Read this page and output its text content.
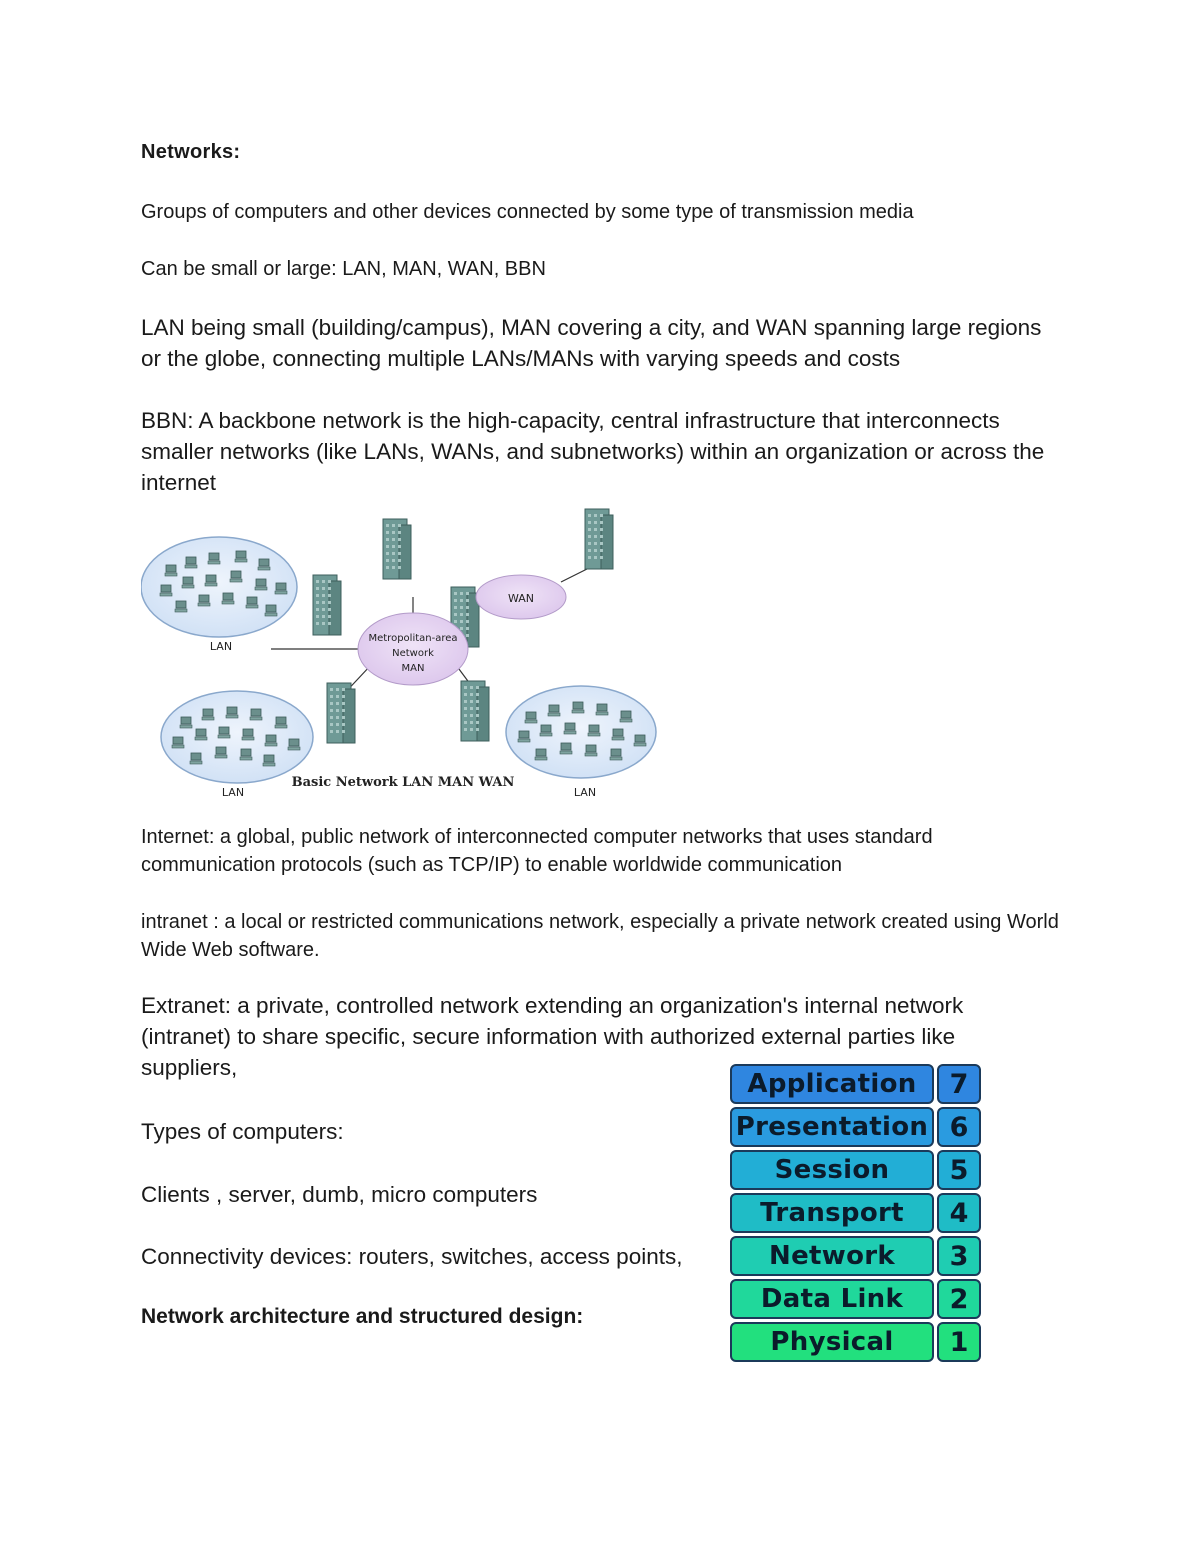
Networks:

Groups of computers and other devices connected by some type of transmission media

Can be small or large: LAN, MAN, WAN, BBN

LAN being small (building/campus), MAN covering a city, and WAN spanning large regions or the globe, connecting multiple LANs/MANs with varying speeds and costs

BBN: A backbone network is the high-capacity, central infrastructure that interconnects smaller networks (like LANs, WANs, and subnetworks) within an organization or across the internet

LAN
WAN
Metropolitan-area
Network
MAN
LAN	LAN
Basic Network LAN MAN WAN

Internet: a global, public network of interconnected computer networks that uses standard communication protocols (such as TCP/IP) to enable worldwide communication

intranet : a local or restricted communications network, especially a private network created using World Wide Web software.

Extranet: a private, controlled network extending an organization's internal network (intranet) to share specific, secure information with authorized external parties like suppliers,

Types of computers:

Clients , server, dumb, micro computers

Connectivity devices: routers, switches, access points,

Network architecture and structured design:

Application	7
Presentation 6
Session	5
Transport	4
Network	3
Data Link	2
Physical	1
